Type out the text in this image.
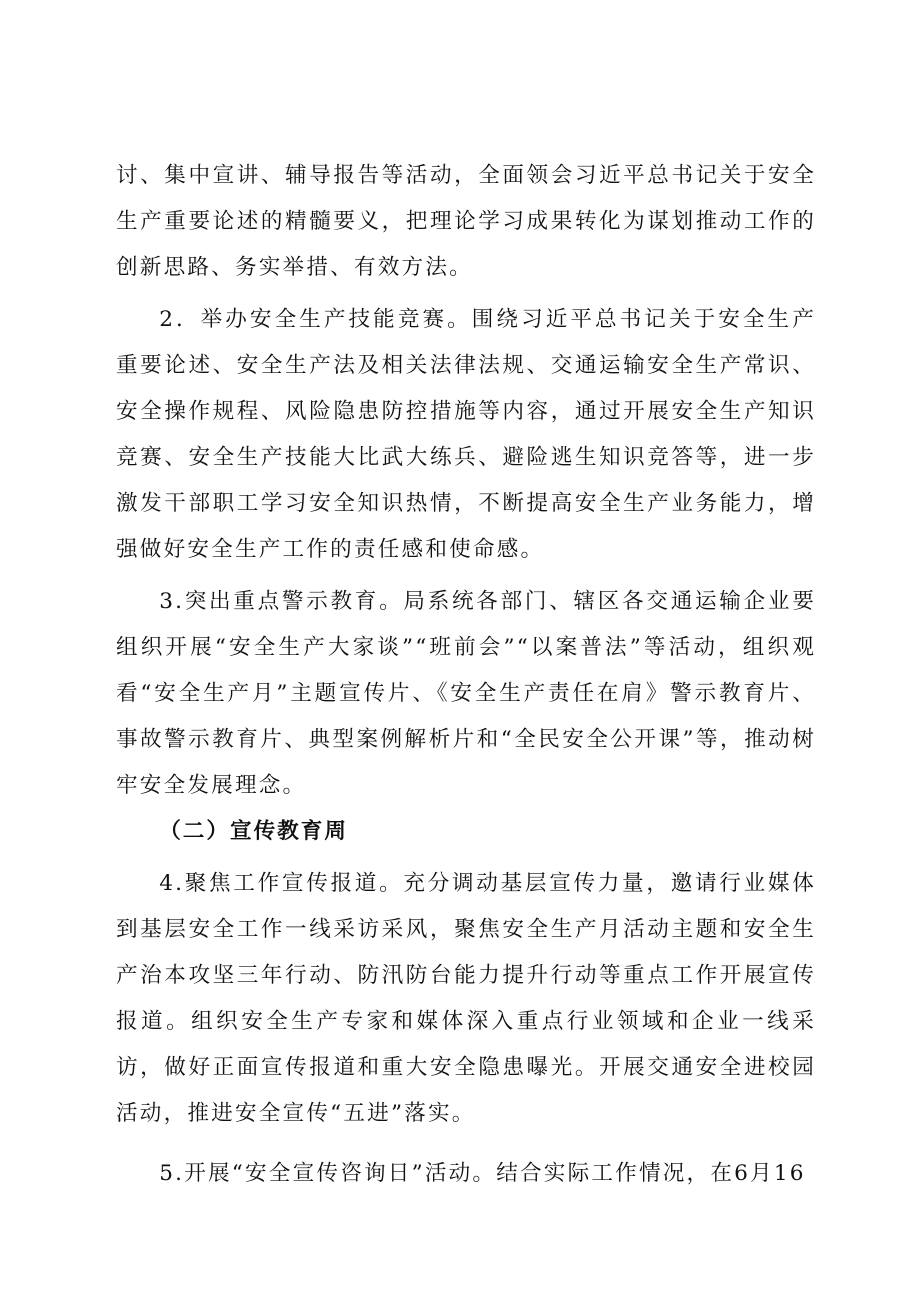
讨、集中宣讲、辅导报告等活动，全面领会习近平总书记关于安全生产重要论述的精髓要义，把理论学习成果转化为谋划推动工作的创新思路、务实举措、有效方法。

2．举办安全生产技能竞赛。围绕习近平总书记关于安全生产重要论述、安全生产法及相关法律法规、交通运输安全生产常识、安全操作规程、风险隐患防控措施等内容，通过开展安全生产知识竞赛、安全生产技能大比武大练兵、避险逃生知识竞答等，进一步激发干部职工学习安全知识热情，不断提高安全生产业务能力，增强做好安全生产工作的责任感和使命感。

3.突出重点警示教育。局系统各部门、辖区各交通运输企业要组织开展“安全生产大家谈”“班前会”“以案普法”等活动，组织观看“安全生产月”主题宣传片、《安全生产责任在肩》警示教育片、事故警示教育片、典型案例解析片和“全民安全公开课”等，推动树牢安全发展理念。

（二）宣传教育周

4.聚焦工作宣传报道。充分调动基层宣传力量，邀请行业媒体到基层安全工作一线采访采风，聚焦安全生产月活动主题和安全生产治本攻坚三年行动、防汛防台能力提升行动等重点工作开展宣传报道。组织安全生产专家和媒体深入重点行业领域和企业一线采访，做好正面宣传报道和重大安全隐患曝光。开展交通安全进校园活动，推进安全宣传“五进”落实。

5.开展“安全宣传咨询日”活动。结合实际工作情况，在6月16
